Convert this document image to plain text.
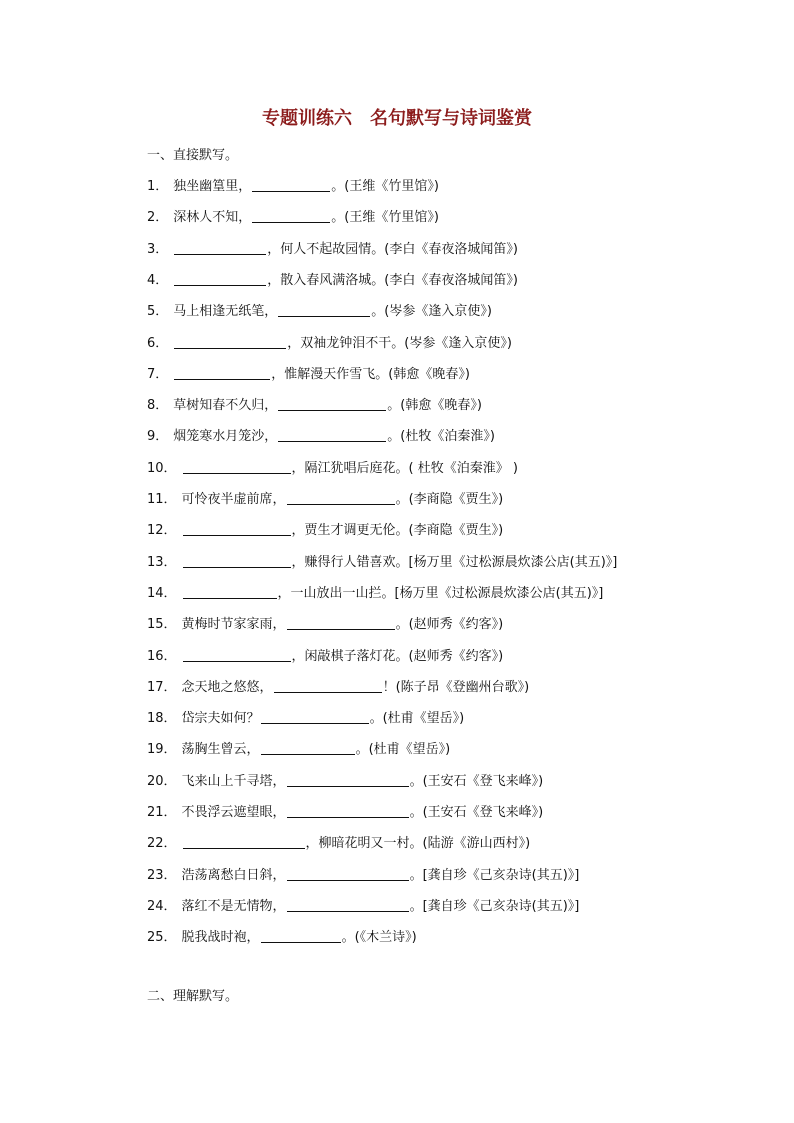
专题训练六　名句默写与诗词鉴赏
一、直接默写。
1． 独坐幽篁里，	。(王维《竹里馆》)
2． 深林人不知，	。(王维《竹里馆》)
3．	，何人不起故园情。(李白《春夜洛城闻笛》)
4．	，散入春风满洛城。(李白《春夜洛城闻笛》)
5． 马上相逢无纸笔，	。(岑参《逢入京使》)
6．	，双袖龙钟泪不干。(岑参《逢入京使》)
7．	，惟解漫天作雪飞。(韩愈《晚春》)
8． 草树知春不久归，	。(韩愈《晚春》)
9． 烟笼寒水月笼沙，	。(杜牧《泊秦淮》)
10．	，隔江犹唱后庭花。( 杜牧《泊秦淮》 )
11． 可怜夜半虚前席，	。(李商隐《贾生》)
12．	，贾生才调更无伦。(李商隐《贾生》)
13．	，赚得行人错喜欢。[杨万里《过松源晨炊漆公店(其五)》]
14．	，一山放出一山拦。[杨万里《过松源晨炊漆公店(其五)》]
15． 黄梅时节家家雨，	。(赵师秀《约客》)
16．	，闲敲棋子落灯花。(赵师秀《约客》)
17． 念天地之悠悠，	！(陈子昂《登幽州台歌》)
18． 岱宗夫如何？	。(杜甫《望岳》)
19． 荡胸生曾云，	。(杜甫《望岳》)
20． 飞来山上千寻塔，	。(王安石《登飞来峰》)
21． 不畏浮云遮望眼，	。(王安石《登飞来峰》)
22．	，柳暗花明又一村。(陆游《游山西村》)
23． 浩荡离愁白日斜，	。[龚自珍《己亥杂诗(其五)》]
24． 落红不是无情物，	。[龚自珍《己亥杂诗(其五)》]
25． 脱我战时袍，	。(《木兰诗》)
二、理解默写。
